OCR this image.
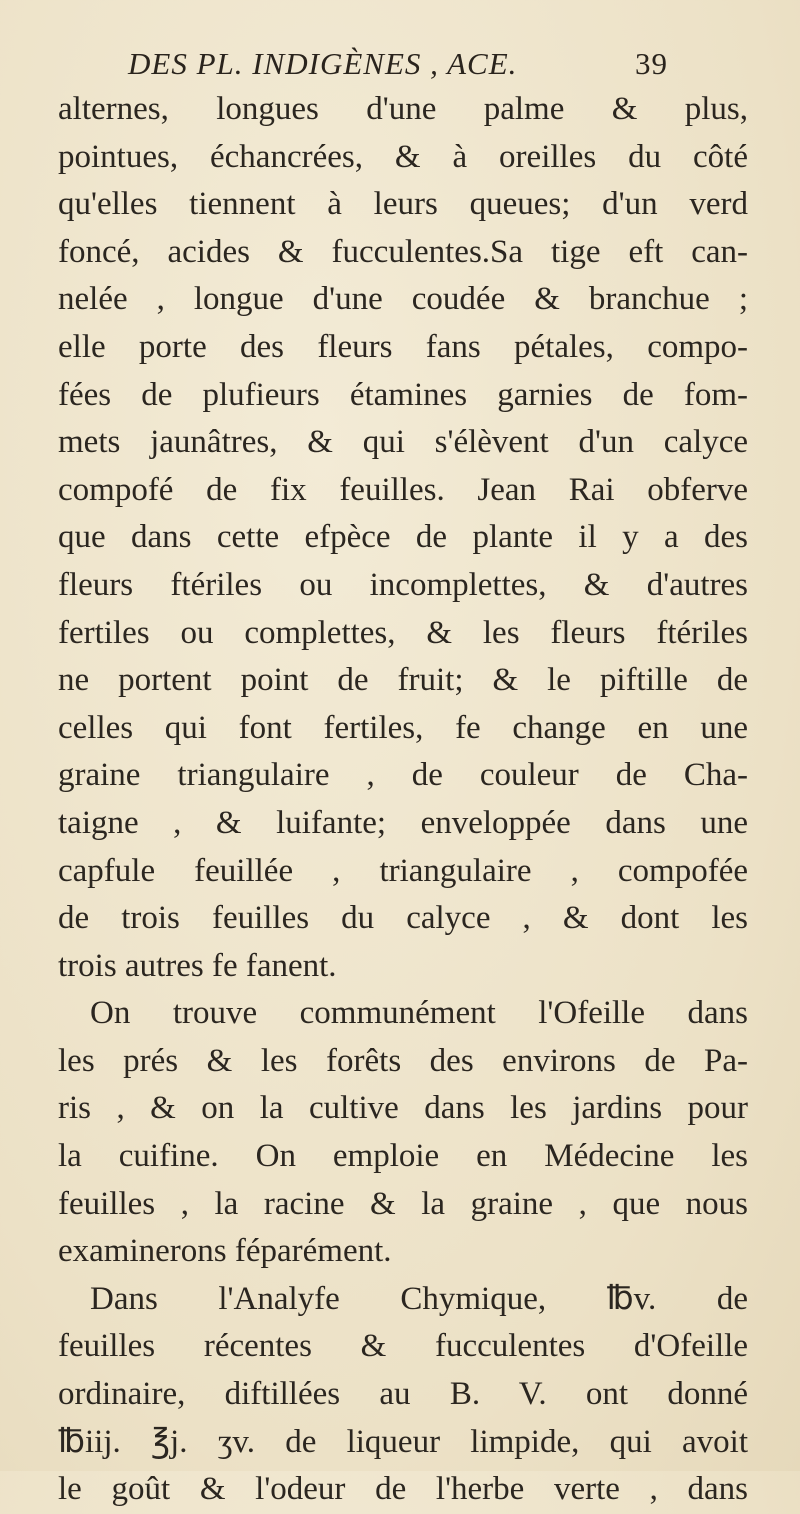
DES PL. INDIGÈNES , ACE.	39
alternes, longues d'une palme & plus,
pointues, échancrées, & à oreilles du côté
qu'elles tiennent à leurs queues; d'un verd
foncé, acides & fucculentes.Sa tige eft can-
nelée , longue d'une coudée & branchue ;
elle porte des fleurs fans pétales, compo-
fées de plufieurs étamines garnies de fom-
mets jaunâtres, & qui s'élèvent d'un calyce
compofé de fix feuilles. Jean Rai obferve
que dans cette efpèce de plante il y a des
fleurs ftériles ou incomplettes, & d'autres
fertiles ou complettes, & les fleurs ftériles
ne portent point de fruit; & le piftille de
celles qui font fertiles, fe change en une
graine triangulaire , de couleur de Cha-
taigne , & luifante; enveloppée dans une
capfule feuillée , triangulaire , compofée
de trois feuilles du calyce , & dont les
trois autres fe fanent.
On trouve communément l'Ofeille dans
les prés & les forêts des environs de Pa-
ris , & on la cultive dans les jardins pour
la cuifine. On emploie en Médecine les
feuilles , la racine & la graine , que nous
examinerons féparément.
Dans l'Analyfe Chymique, ℔v. de
feuilles récentes & fucculentes d'Ofeille
ordinaire, diftillées au B. V. ont donné
℔iij. ℥j. ʒv. de liqueur limpide, qui avoit
le goût & l'odeur de l'herbe verte , dans
